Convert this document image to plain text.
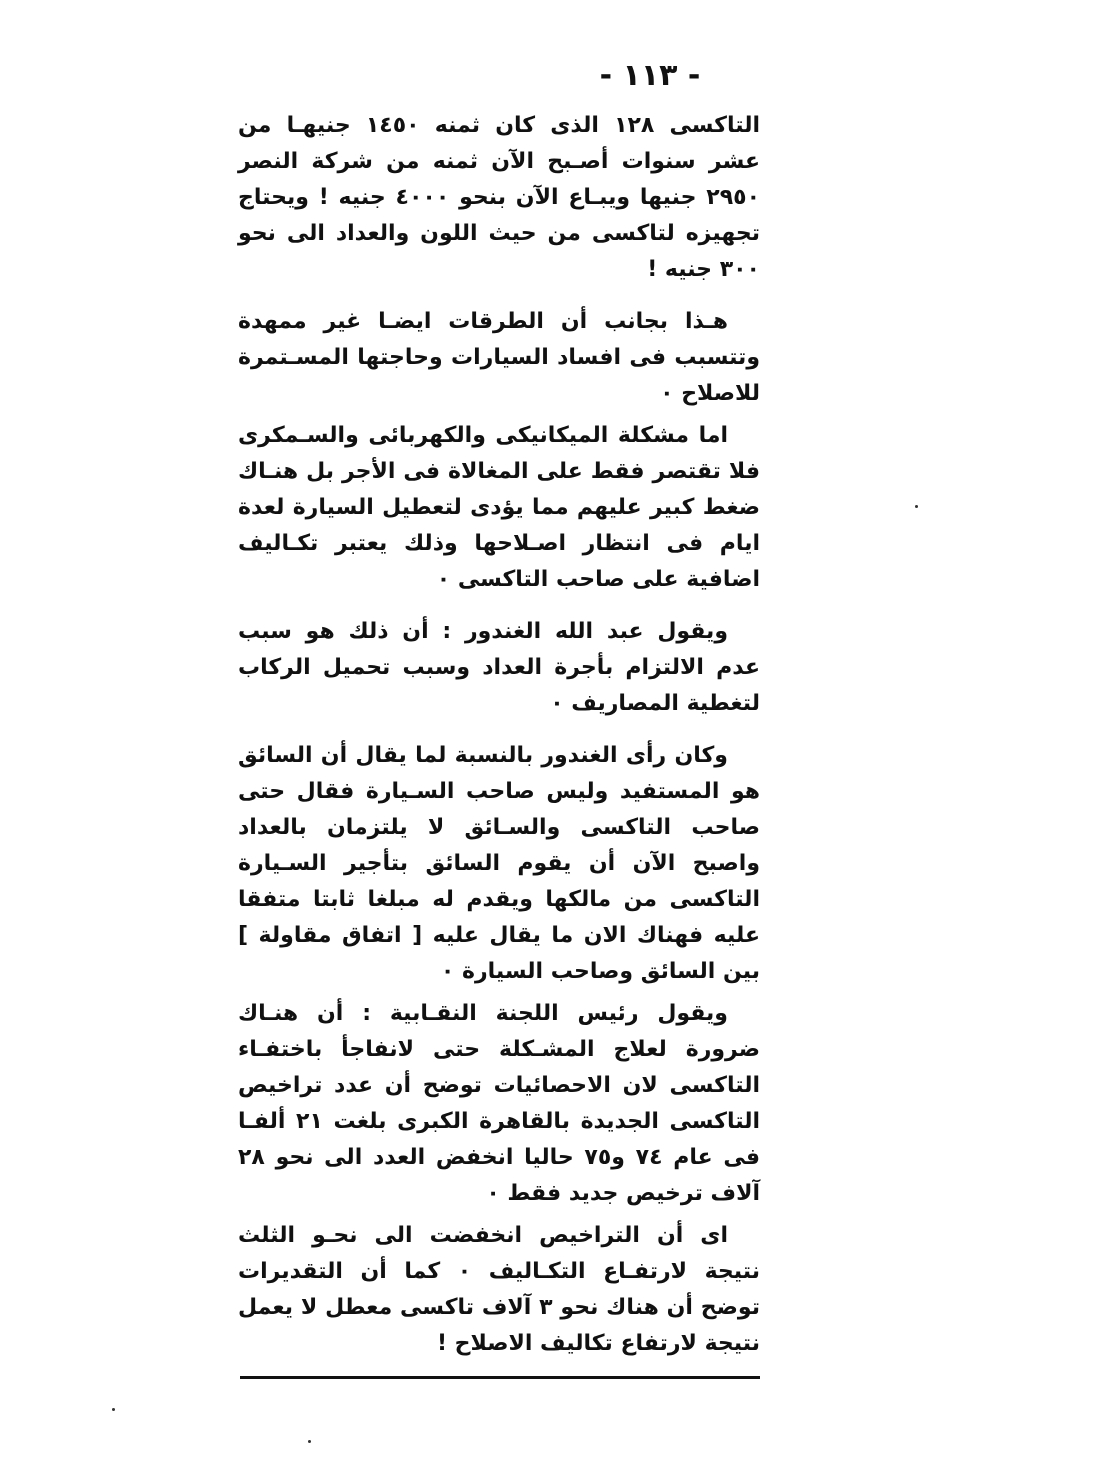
- ١١٣ -

التاكسى ١٢٨ الذى كان ثمنه ١٤٥٠ جنيهـا من عشر سنوات أصـبح الآن ثمنه من شركة النصر ٢٩٥٠ جنيها ويبـاع الآن بنحو ٤٠٠٠ جنيه ! ويحتاج تجهيزه لتاكسى من حيث اللون والعداد الى نحو ٣٠٠ جنيه !

هـذا بجانب أن الطرقات ايضـا غير ممهدة وتتسبب فى افساد السيارات وحاجتها المسـتمرة للاصلاح ٠

اما مشكلة الميكانيكى والكهربائى والسـمكرى فلا تقتصر فقط على المغالاة فى الأجر بل هنـاك ضغط كبير عليهم مما يؤدى لتعطيل السيارة لعدة ايام فى انتظار اصـلاحها وذلك يعتبر تكـاليف اضافية على صاحب التاكسى ٠

ويقول عبد الله الغندور : أن ذلك هو سبب عدم الالتزام بأجرة العداد وسبب تحميل الركاب لتغطية المصاريف ٠

وكان رأى الغندور بالنسبة لما يقال أن السائق هو المستفيد وليس صاحب السـيارة فقال حتى صاحب التاكسى والسـائق لا يلتزمان بالعداد واصبح الآن أن يقوم السائق بتأجير السـيارة التاكسى من مالكها ويقدم له مبلغا ثابتا متفقا عليه فهناك الان ما يقال عليه [ اتفاق مقاولة ] بين السائق وصاحب السيارة ٠

ويقول رئيس اللجنة النقـابية : أن هنـاك ضرورة لعلاج المشـكلة حتى لانفاجأ باختفـاء التاكسى لان الاحصائيات توضح أن عدد تراخيص التاكسى الجديدة بالقاهرة الكبرى بلغت ٢١ ألفـا فى عام ٧٤ و٧٥ حاليا انخفض العدد الى نحو ٢٨ آلاف ترخيص جديد فقط ٠

اى أن التراخيص انخفضت الى نحـو الثلث نتيجة لارتفـاع التكـاليف ٠ كما أن التقديرات توضح أن هناك نحو ٣ آلاف تاكسى معطل لا يعمل نتيجة لارتفاع تكاليف الاصلاح !
